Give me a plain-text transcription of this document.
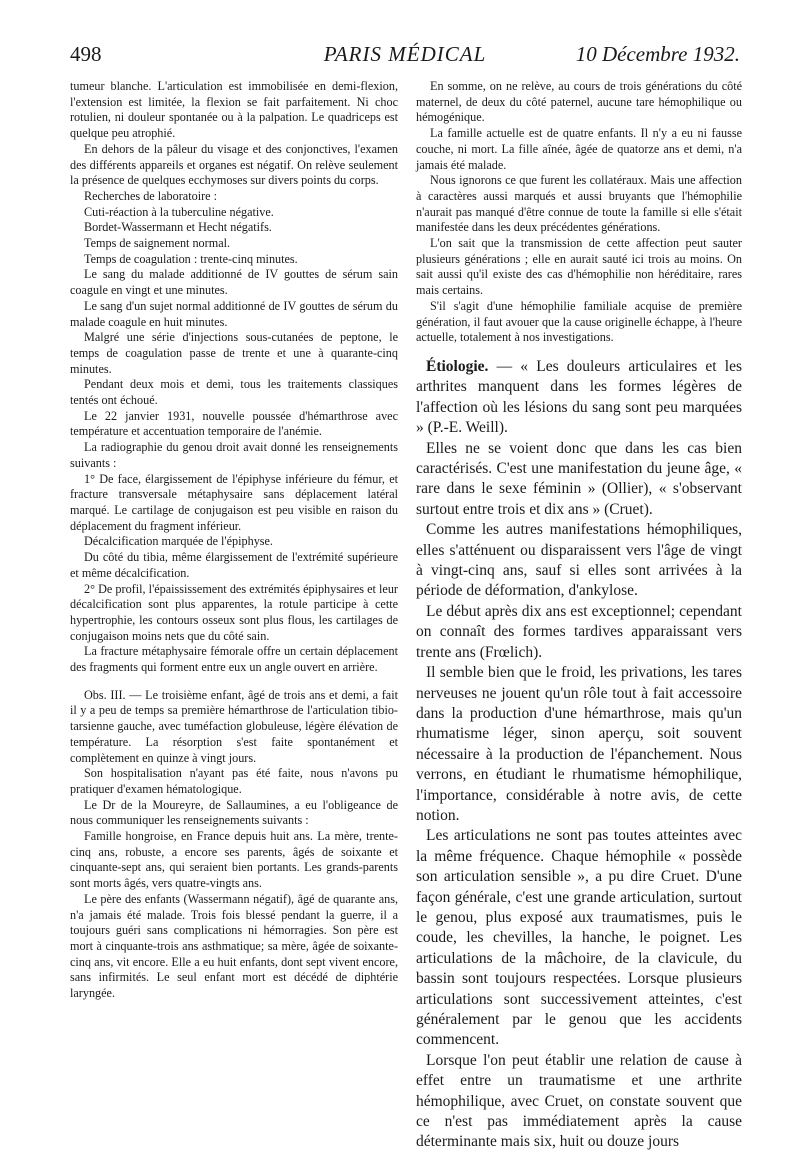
498	PARIS MÉDICAL	10 Décembre 1932.

tumeur blanche. L'articulation est immobilisée en demi-flexion, l'extension est limitée, la flexion se fait parfaitement. Ni choc rotulien, ni douleur spontanée ou à la palpation. Le quadriceps est quelque peu atrophié.

En dehors de la pâleur du visage et des conjonctives, l'examen des différents appareils et organes est négatif. On relève seulement la présence de quelques ecchymoses sur divers points du corps.

Recherches de laboratoire :

Cuti-réaction à la tuberculine négative.

Bordet-Wassermann et Hecht négatifs.

Temps de saignement normal.

Temps de coagulation : trente-cinq minutes.

Le sang du malade additionné de IV gouttes de sérum sain coagule en vingt et une minutes.

Le sang d'un sujet normal additionné de IV gouttes de sérum du malade coagule en huit minutes.

Malgré une série d'injections sous-cutanées de peptone, le temps de coagulation passe de trente et une à quarante-cinq minutes.

Pendant deux mois et demi, tous les traitements classiques tentés ont échoué.

Le 22 janvier 1931, nouvelle poussée d'hémarthrose avec température et accentuation temporaire de l'anémie.

La radiographie du genou droit avait donné les renseignements suivants :

1° De face, élargissement de l'épiphyse inférieure du fémur, et fracture transversale métaphysaire sans déplacement latéral marqué. Le cartilage de conjugaison est peu visible en raison du déplacement du fragment inférieur.

Décalcification marquée de l'épiphyse.

Du côté du tibia, même élargissement de l'extrémité supérieure et même décalcification.

2° De profil, l'épaississement des extrémités épiphysaires et leur décalcification sont plus apparentes, la rotule participe à cette hypertrophie, les contours osseux sont plus flous, les cartilages de conjugaison moins nets que du côté sain.

La fracture métaphysaire fémorale offre un certain déplacement des fragments qui forment entre eux un angle ouvert en arrière.

Obs. III. — Le troisième enfant, âgé de trois ans et demi, a fait il y a peu de temps sa première hémarthrose de l'articulation tibio-tarsienne gauche, avec tuméfaction globuleuse, légère élévation de température. La résorption s'est faite spontanément et complètement en quinze à vingt jours.

Son hospitalisation n'ayant pas été faite, nous n'avons pu pratiquer d'examen hématologique.

Le Dr de la Moureyre, de Sallaumines, a eu l'obligeance de nous communiquer les renseignements suivants :

Famille hongroise, en France depuis huit ans. La mère, trente-cinq ans, robuste, a encore ses parents, âgés de soixante et cinquante-sept ans, qui seraient bien portants. Les grands-parents sont morts âgés, vers quatre-vingts ans.

Le père des enfants (Wassermann négatif), âgé de quarante ans, n'a jamais été malade. Trois fois blessé pendant la guerre, il a toujours guéri sans complications ni hémorragies. Son père est mort à cinquante-trois ans asthmatique; sa mère, âgée de soixante-cinq ans, vit encore. Elle a eu huit enfants, dont sept vivent encore, sans infirmités. Le seul enfant mort est décédé de diphtérie laryngée.

En somme, on ne relève, au cours de trois générations du côté maternel, de deux du côté paternel, aucune tare hémophilique ou hémogénique.

La famille actuelle est de quatre enfants. Il n'y a eu ni fausse couche, ni mort. La fille aînée, âgée de quatorze ans et demi, n'a jamais été malade.

Nous ignorons ce que furent les collatéraux. Mais une affection à caractères aussi marqués et aussi bruyants que l'hémophilie n'aurait pas manqué d'être connue de toute la famille si elle s'était manifestée dans les deux précédentes générations.

L'on sait que la transmission de cette affection peut sauter plusieurs générations ; elle en aurait sauté ici trois au moins. On sait aussi qu'il existe des cas d'hémophilie non héréditaire, rares mais certains.

S'il s'agit d'une hémophilie familiale acquise de première génération, il faut avouer que la cause originelle échappe, à l'heure actuelle, totalement à nos investigations.

Étiologie. — « Les douleurs articulaires et les arthrites manquent dans les formes légères de l'affection où les lésions du sang sont peu marquées » (P.-E. Weill).

Elles ne se voient donc que dans les cas bien caractérisés. C'est une manifestation du jeune âge, « rare dans le sexe féminin » (Ollier), « s'observant surtout entre trois et dix ans » (Cruet).

Comme les autres manifestations hémophiliques, elles s'atténuent ou disparaissent vers l'âge de vingt à vingt-cinq ans, sauf si elles sont arrivées à la période de déformation, d'ankylose.

Le début après dix ans est exceptionnel; cependant on connaît des formes tardives apparaissant vers trente ans (Frœlich).

Il semble bien que le froid, les privations, les tares nerveuses ne jouent qu'un rôle tout à fait accessoire dans la production d'une hémarthrose, mais qu'un rhumatisme léger, sinon aperçu, soit souvent nécessaire à la production de l'épanchement. Nous verrons, en étudiant le rhumatisme hémophilique, l'importance, considérable à notre avis, de cette notion.

Les articulations ne sont pas toutes atteintes avec la même fréquence. Chaque hémophile « possède son articulation sensible », a pu dire Cruet. D'une façon générale, c'est une grande articulation, surtout le genou, plus exposé aux traumatismes, puis le coude, les chevilles, la hanche, le poignet. Les articulations de la mâchoire, de la clavicule, du bassin sont toujours respectées. Lorsque plusieurs articulations sont successivement atteintes, c'est généralement par le genou que les accidents commencent.

Lorsque l'on peut établir une relation de cause à effet entre un traumatisme et une arthrite hémophilique, avec Cruet, on constate souvent que ce n'est pas immédiatement après la cause déterminante mais six, huit ou douze jours
